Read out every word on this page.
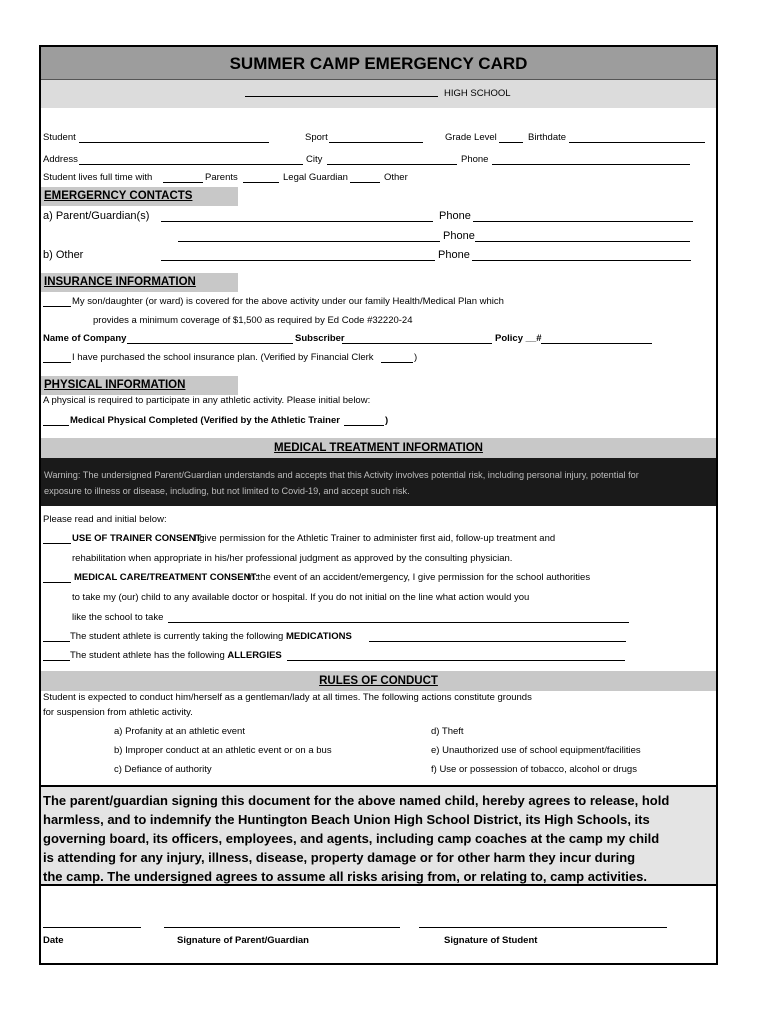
SUMMER CAMP EMERGENCY CARD
HIGH SCHOOL
Student	Sport	Grade Level	Birthdate
Address	City	Phone
Student lives full time with	Parents	Legal Guardian	Other
EMERGERNCY CONTACTS
a) Parent/Guardian(s)	Phone
Phone
b) Other	Phone
INSURANCE INFORMATION
My son/daughter (or ward) is covered for the above activity under our family Health/Medical Plan which
provides a minimum coverage of $1,500 as required by Ed Code #32220-24
Name of Company	Subscriber	Policy __#
I have purchased the school insurance plan. (Verified by Financial Clerk	)
PHYSICAL INFORMATION
A physical is required to participate in any athletic activity. Please initial below:
Medical Physical Completed (Verified by the Athletic Trainer	)
MEDICAL TREATMENT INFORMATION
Warning: The undersigned Parent/Guardian understands and accepts that this Activity involves potential risk, including personal injury, potential for
exposure to illness or disease, including, but not limited to Covid-19, and accept such risk.
Please read and initial below:
USE OF TRAINER CONSENT:
I give permission for the Athletic Trainer to administer first aid, follow-up treatment and
rehabilitation when appropriate in his/her professional judgment as approved by the consulting physician.
MEDICAL CARE/TREATMENT CONSENT:
In the event of an accident/emergency, I give permission for the school authorities
to take my (our) child to any available doctor or hospital. If you do not initial on the line what action would you
like the school to take
The student athlete is currently taking the following MEDICATIONS
The student athlete has the following ALLERGIES
RULES OF CONDUCT
Student is expected to conduct him/herself as a gentleman/lady at all times. The following actions constitute grounds
for suspension from athletic activity.
a) Profanity at an athletic event
b) Improper conduct at an athletic event or on a bus
c) Defiance of authority
d) Theft
e) Unauthorized use of school equipment/facilities
f) Use or possession of tobacco, alcohol or drugs
The parent/guardian signing this document for the above named child, hereby agrees to release, hold
harmless, and to indemnify the Huntington Beach Union High School District, its High Schools, its
governing board, its officers, employees, and agents, including camp coaches at the camp my child
is attending for any injury, illness, disease, property damage or for other harm they incur during
the camp. The undersigned agrees to assume all risks arising from, or relating to, camp activities.
Date	Signature of Parent/Guardian	Signature of Student
